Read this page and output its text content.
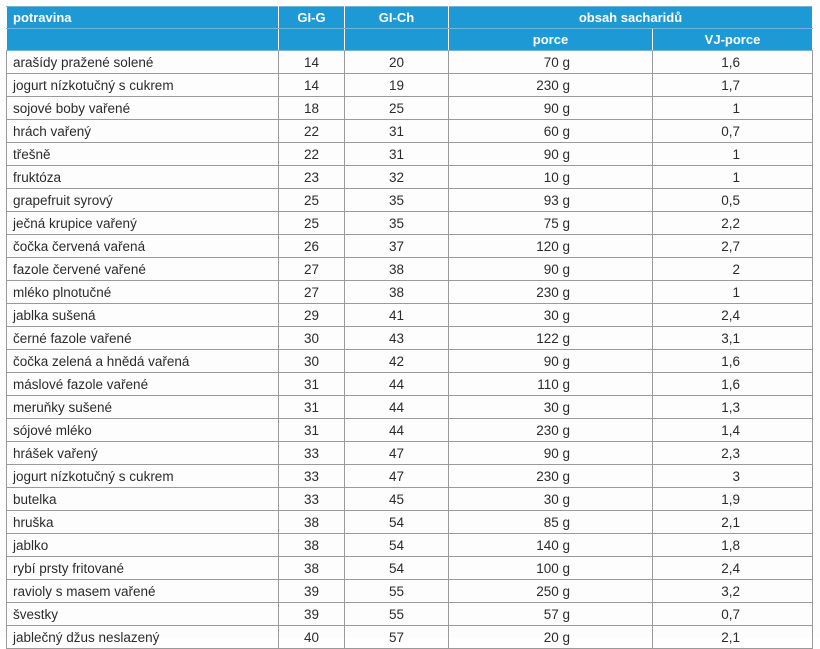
potravina	GI-G	GI-Ch	obsah sacharidů	
			porce	VJ-porce
arašídy pražené solené	14	20	70 g	1,6
jogurt nízkotučný s cukrem	14	19	230 g	1,7
sojové boby vařené	18	25	90 g	1
hrách vařený	22	31	60 g	0,7
třešně	22	31	90 g	1
fruktóza	23	32	10 g	1
grapefruit syrový	25	35	93 g	0,5
ječná krupice vařený	25	35	75 g	2,2
čočka červená vařená	26	37	120 g	2,7
fazole červené vařené	27	38	90 g	2
mléko plnotučné	27	38	230 g	1
jablka sušená	29	41	30 g	2,4
černé fazole vařené	30	43	122 g	3,1
čočka zelená a hnědá vařená	30	42	90 g	1,6
máslové fazole vařené	31	44	110 g	1,6
meruňky sušené	31	44	30 g	1,3
sójové mléko	31	44	230 g	1,4
hrášek vařený	33	47	90 g	2,3
jogurt nízkotučný s cukrem	33	47	230 g	3
butelka	33	45	30 g	1,9
hruška	38	54	85 g	2,1
jablko	38	54	140 g	1,8
rybí prsty fritované	38	54	100 g	2,4
ravioly s masem vařené	39	55	250 g	3,2
švestky	39	55	57 g	0,7
jablečný džus neslazený	40	57	20 g	2,1
